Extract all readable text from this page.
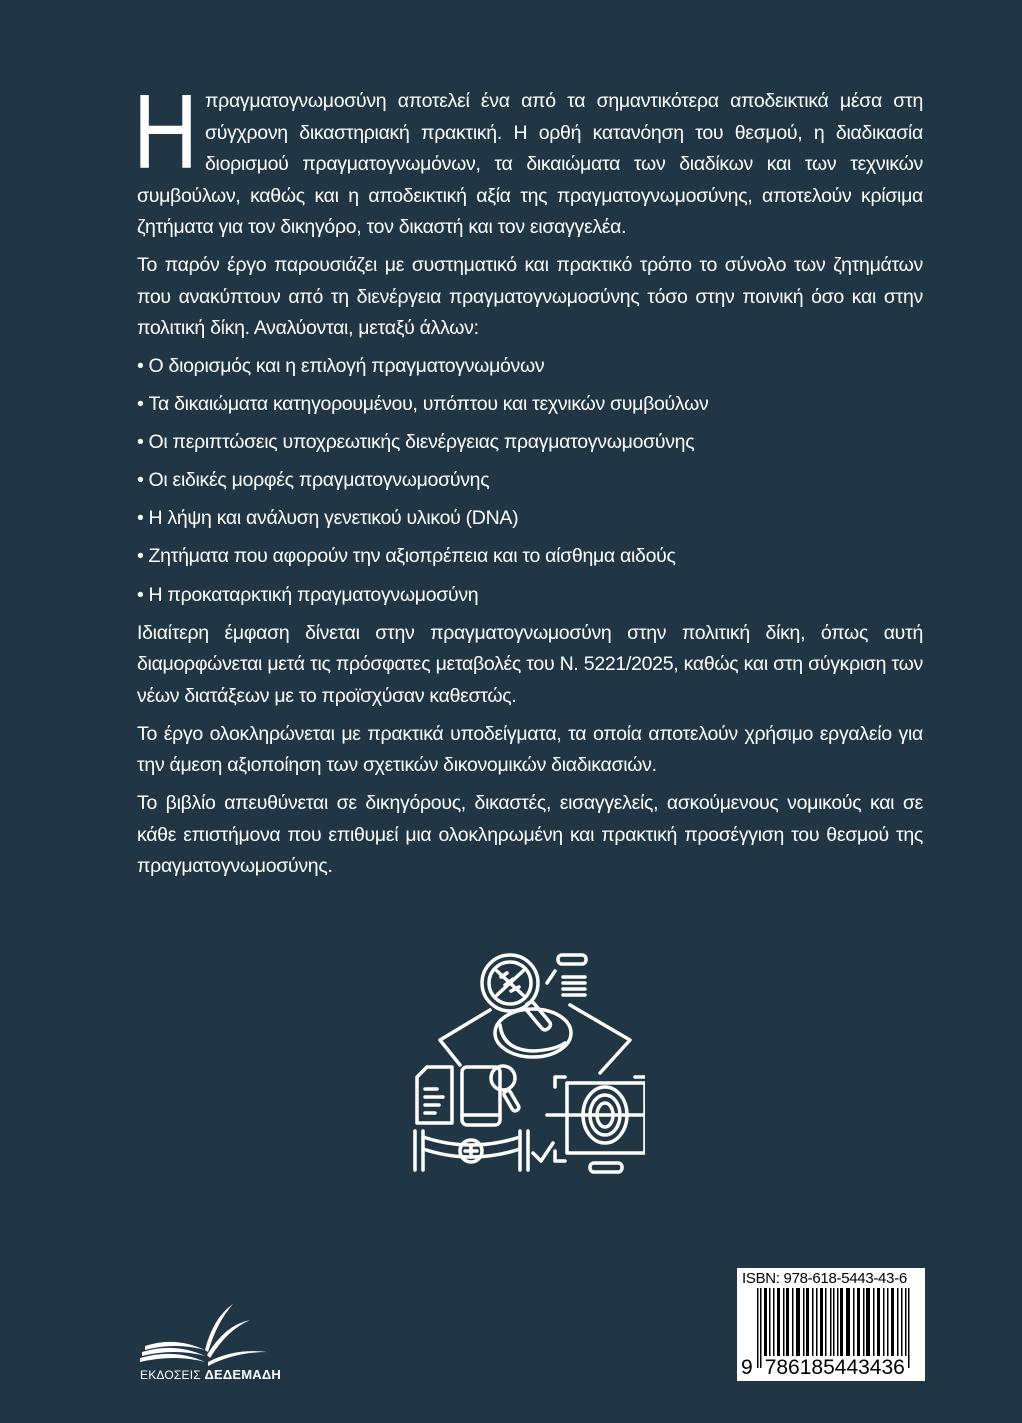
Η πραγματογνωμοσύνη αποτελεί ένα από τα σημαντικότερα αποδεικτικά μέσα στη σύγχρονη δικαστηριακή πρακτική. Η ορθή κατανόηση του θεσμού, η διαδικασία διορισμού πραγματογνωμόνων, τα δικαιώματα των διαδίκων και των τεχνικών συμβούλων, καθώς και η αποδεικτική αξία της πραγματογνωμοσύνης, αποτελούν κρίσιμα ζητήματα για τον δικηγόρο, τον δικαστή και τον εισαγγελέα.

Το παρόν έργο παρουσιάζει με συστηματικό και πρακτικό τρόπο το σύνολο των ζητημάτων που ανακύπτουν από τη διενέργεια πραγματογνωμοσύνης τόσο στην ποινική όσο και στην πολιτική δίκη. Αναλύονται, μεταξύ άλλων:

• Ο διορισμός και η επιλογή πραγματογνωμόνων
• Τα δικαιώματα κατηγορουμένου, υπόπτου και τεχνικών συμβούλων
• Οι περιπτώσεις υποχρεωτικής διενέργειας πραγματογνωμοσύνης
• Οι ειδικές μορφές πραγματογνωμοσύνης
• Η λήψη και ανάλυση γενετικού υλικού (DNA)
• Ζητήματα που αφορούν την αξιοπρέπεια και το αίσθημα αιδούς
• Η προκαταρκτική πραγματογνωμοσύνη

Ιδιαίτερη έμφαση δίνεται στην πραγματογνωμοσύνη στην πολιτική δίκη, όπως αυτή διαμορφώνεται μετά τις πρόσφατες μεταβολές του Ν. 5221/2025, καθώς και στη σύγκριση των νέων διατάξεων με το προϊσχύσαν καθεστώς.

Το έργο ολοκληρώνεται με πρακτικά υποδείγματα, τα οποία αποτελούν χρήσιμο εργαλείο για την άμεση αξιοποίηση των σχετικών δικονομικών διαδικασιών.

Το βιβλίο απευθύνεται σε δικηγόρους, δικαστές, εισαγγελείς, ασκούμενους νομικούς και σε κάθε επιστήμονα που επιθυμεί μια ολοκληρωμένη και πρακτική προσέγγιση του θεσμού της πραγματογνωμοσύνης.

ΕΚΔΟΣΕΙΣ ΔΕΔΕΜΑΔΗ
ISBN: 978-618-5443-43-6
9 786185443436
